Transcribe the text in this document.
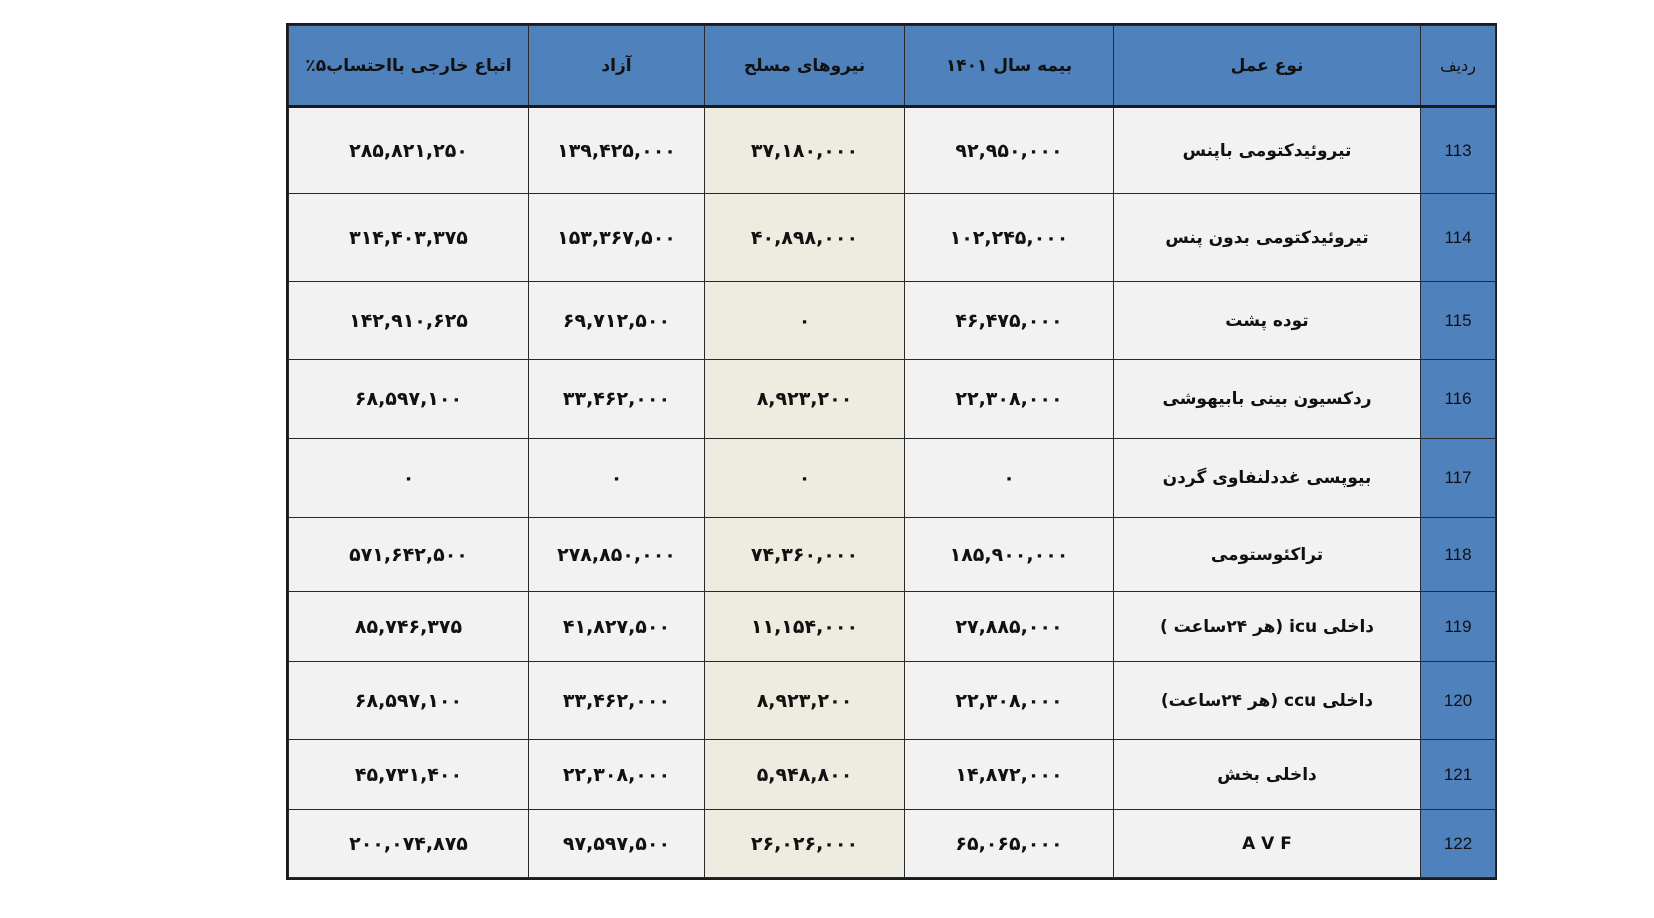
ردیف	نوع عمل	بیمه سال ۱۴۰۱	نیروهای مسلح	آزاد	اتباع خارجی بااحتساب۵٪
113	تیروئیدکتومی باپنس	۹۲,۹۵۰,۰۰۰	۳۷,۱۸۰,۰۰۰	۱۳۹,۴۲۵,۰۰۰	۲۸۵,۸۲۱,۲۵۰
114	تیروئیدکتومی بدون پنس	۱۰۲,۲۴۵,۰۰۰	۴۰,۸۹۸,۰۰۰	۱۵۳,۳۶۷,۵۰۰	۳۱۴,۴۰۳,۳۷۵
115	توده پشت	۴۶,۴۷۵,۰۰۰	۰	۶۹,۷۱۲,۵۰۰	۱۴۲,۹۱۰,۶۲۵
116	ردکسیون بینی بابیهوشی	۲۲,۳۰۸,۰۰۰	۸,۹۲۳,۲۰۰	۳۳,۴۶۲,۰۰۰	۶۸,۵۹۷,۱۰۰
117	بیوپسی غددلنفاوی گردن	۰	۰	۰	۰
118	تراکئوستومی	۱۸۵,۹۰۰,۰۰۰	۷۴,۳۶۰,۰۰۰	۲۷۸,۸۵۰,۰۰۰	۵۷۱,۶۴۲,۵۰۰
119	داخلی icu (هر ۲۴ساعت )	۲۷,۸۸۵,۰۰۰	۱۱,۱۵۴,۰۰۰	۴۱,۸۲۷,۵۰۰	۸۵,۷۴۶,۳۷۵
120	داخلی ccu (هر ۲۴ساعت)	۲۲,۳۰۸,۰۰۰	۸,۹۲۳,۲۰۰	۳۳,۴۶۲,۰۰۰	۶۸,۵۹۷,۱۰۰
121	داخلی بخش	۱۴,۸۷۲,۰۰۰	۵,۹۴۸,۸۰۰	۲۲,۳۰۸,۰۰۰	۴۵,۷۳۱,۴۰۰
122	A V F	۶۵,۰۶۵,۰۰۰	۲۶,۰۲۶,۰۰۰	۹۷,۵۹۷,۵۰۰	۲۰۰,۰۷۴,۸۷۵
